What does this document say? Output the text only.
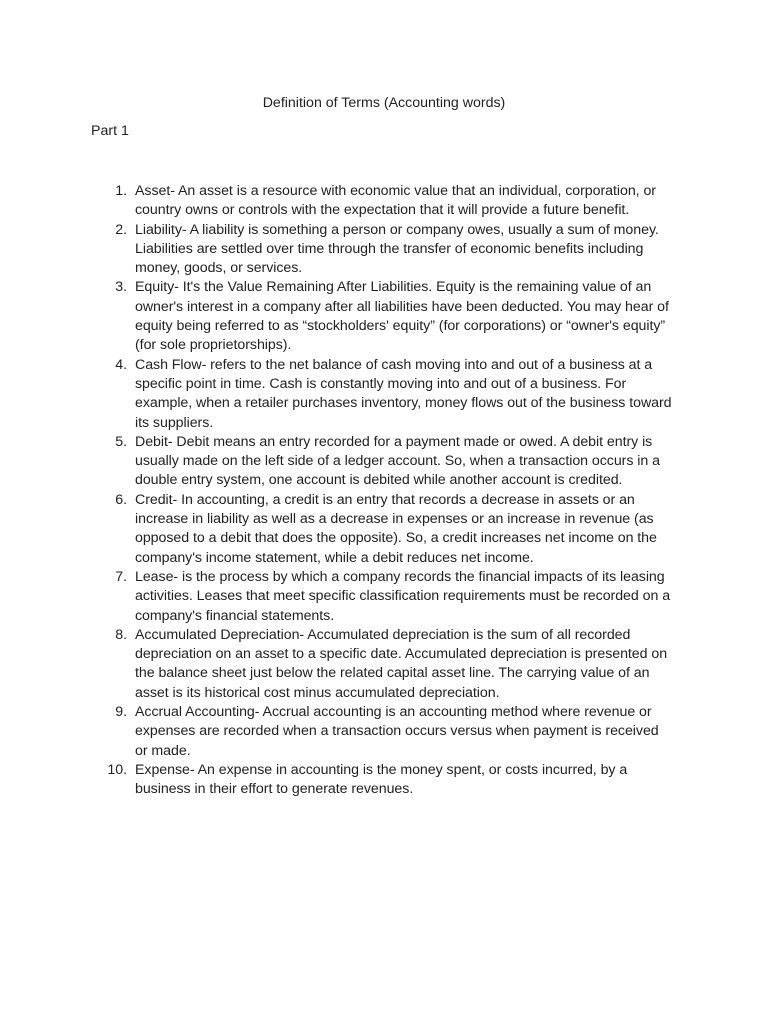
Definition of Terms (Accounting words)

Part 1

1. Asset- An asset is a resource with economic value that an individual, corporation, or country owns or controls with the expectation that it will provide a future benefit.
2. Liability- A liability is something a person or company owes, usually a sum of money. Liabilities are settled over time through the transfer of economic benefits including money, goods, or services.
3. Equity- It's the Value Remaining After Liabilities. Equity is the remaining value of an owner's interest in a company after all liabilities have been deducted. You may hear of equity being referred to as “stockholders' equity” (for corporations) or “owner's equity” (for sole proprietorships).
4. Cash Flow- refers to the net balance of cash moving into and out of a business at a specific point in time. Cash is constantly moving into and out of a business. For example, when a retailer purchases inventory, money flows out of the business toward its suppliers.
5. Debit- Debit means an entry recorded for a payment made or owed. A debit entry is usually made on the left side of a ledger account. So, when a transaction occurs in a double entry system, one account is debited while another account is credited.
6. Credit- In accounting, a credit is an entry that records a decrease in assets or an increase in liability as well as a decrease in expenses or an increase in revenue (as opposed to a debit that does the opposite). So, a credit increases net income on the company's income statement, while a debit reduces net income.
7. Lease- is the process by which a company records the financial impacts of its leasing activities. Leases that meet specific classification requirements must be recorded on a company's financial statements.
8. Accumulated Depreciation- Accumulated depreciation is the sum of all recorded depreciation on an asset to a specific date. Accumulated depreciation is presented on the balance sheet just below the related capital asset line. The carrying value of an asset is its historical cost minus accumulated depreciation.
9. Accrual Accounting- Accrual accounting is an accounting method where revenue or expenses are recorded when a transaction occurs versus when payment is received or made.
10. Expense- An expense in accounting is the money spent, or costs incurred, by a business in their effort to generate revenues.
